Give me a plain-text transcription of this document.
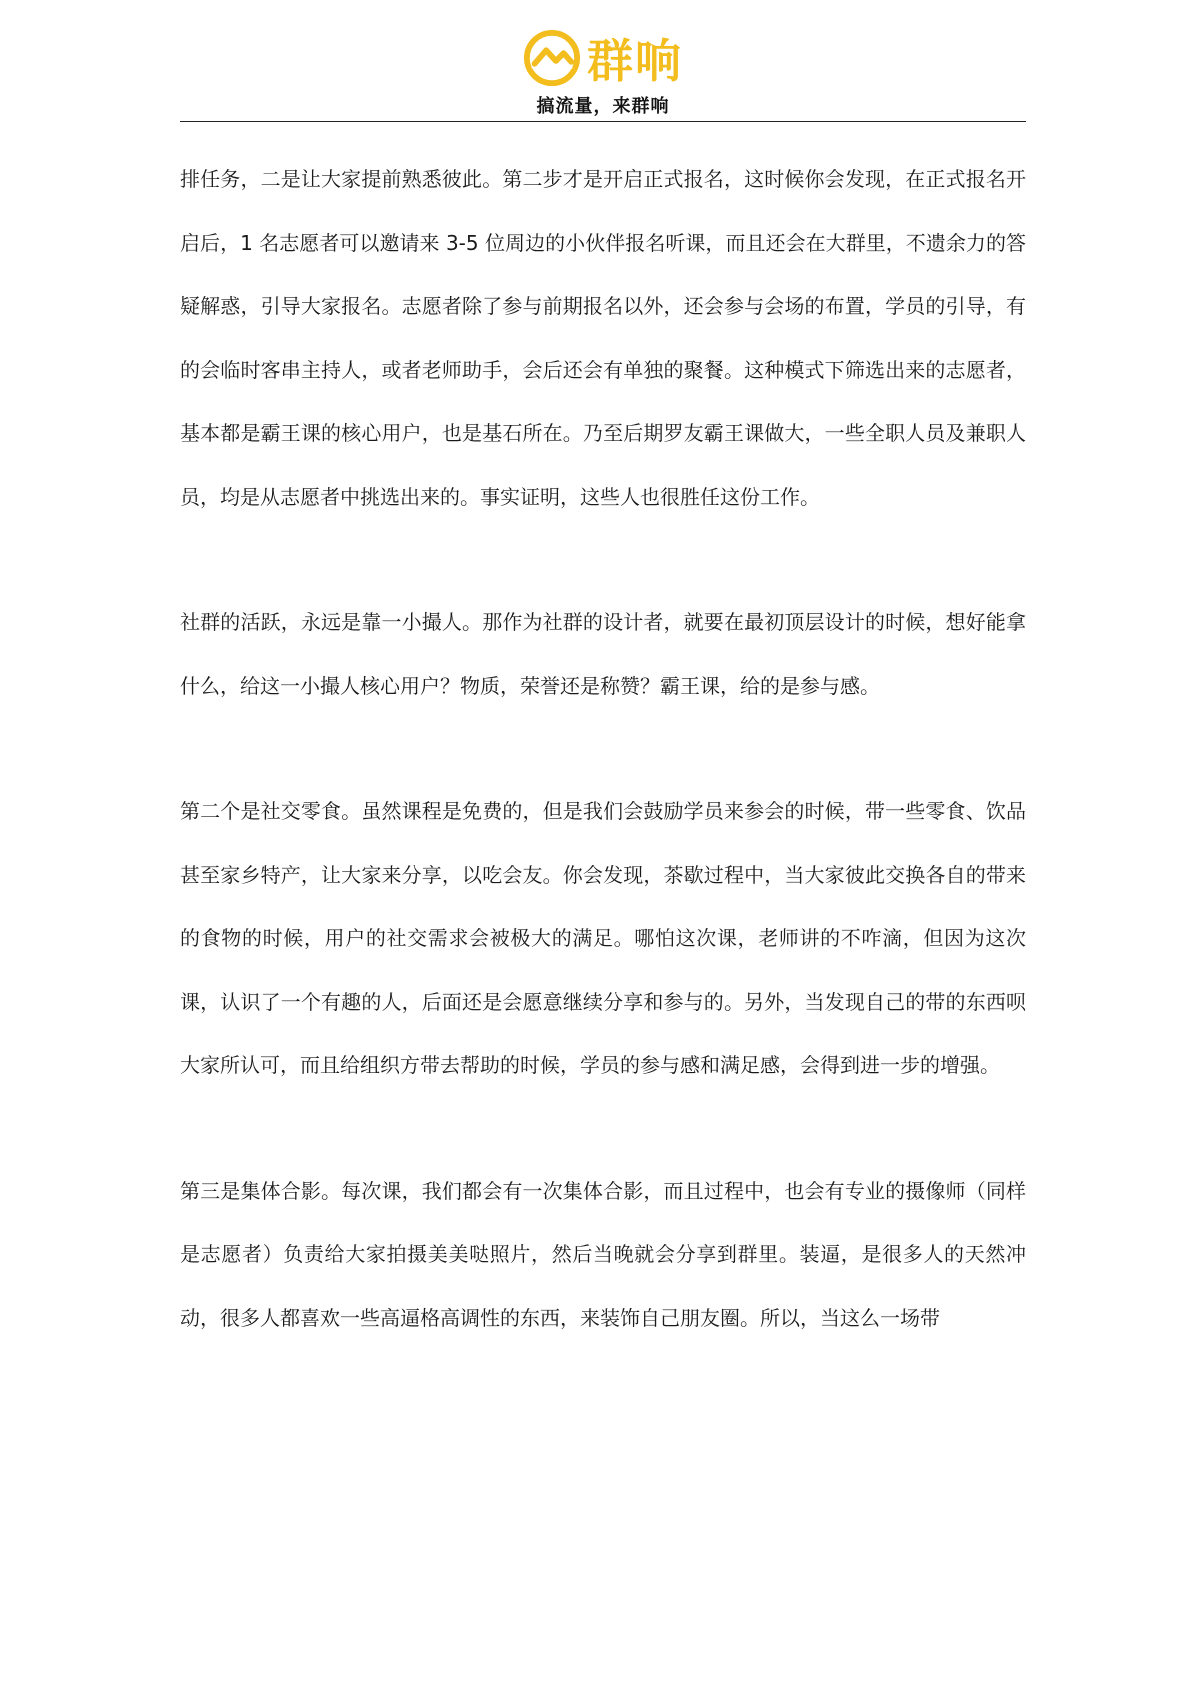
群响
搞流量，来群响

排任务，二是让大家提前熟悉彼此。第二步才是开启正式报名，这时候你会发现，在正式报名开启后，1 名志愿者可以邀请来 3-5 位周边的小伙伴报名听课，而且还会在大群里，不遗余力的答疑解惑，引导大家报名。志愿者除了参与前期报名以外，还会参与会场的布置，学员的引导，有的会临时客串主持人，或者老师助手，会后还会有单独的聚餐。这种模式下筛选出来的志愿者，基本都是霸王课的核心用户，也是基石所在。乃至后期罗友霸王课做大，一些全职人员及兼职人员，均是从志愿者中挑选出来的。事实证明，这些人也很胜任这份工作。

社群的活跃，永远是靠一小撮人。那作为社群的设计者，就要在最初顶层设计的时候，想好能拿什么，给这一小撮人核心用户？物质，荣誉还是称赞？霸王课，给的是参与感。

第二个是社交零食。虽然课程是免费的，但是我们会鼓励学员来参会的时候，带一些零食、饮品甚至家乡特产，让大家来分享，以吃会友。你会发现，茶歇过程中，当大家彼此交换各自的带来的食物的时候，用户的社交需求会被极大的满足。哪怕这次课，老师讲的不咋滴，但因为这次课，认识了一个有趣的人，后面还是会愿意继续分享和参与的。另外，当发现自己的带的东西呗大家所认可，而且给组织方带去帮助的时候，学员的参与感和满足感，会得到进一步的增强。

第三是集体合影。每次课，我们都会有一次集体合影，而且过程中，也会有专业的摄像师（同样是志愿者）负责给大家拍摄美美哒照片，然后当晚就会分享到群里。装逼，是很多人的天然冲动，很多人都喜欢一些高逼格高调性的东西，来装饰自己朋友圈。所以，当这么一场带
